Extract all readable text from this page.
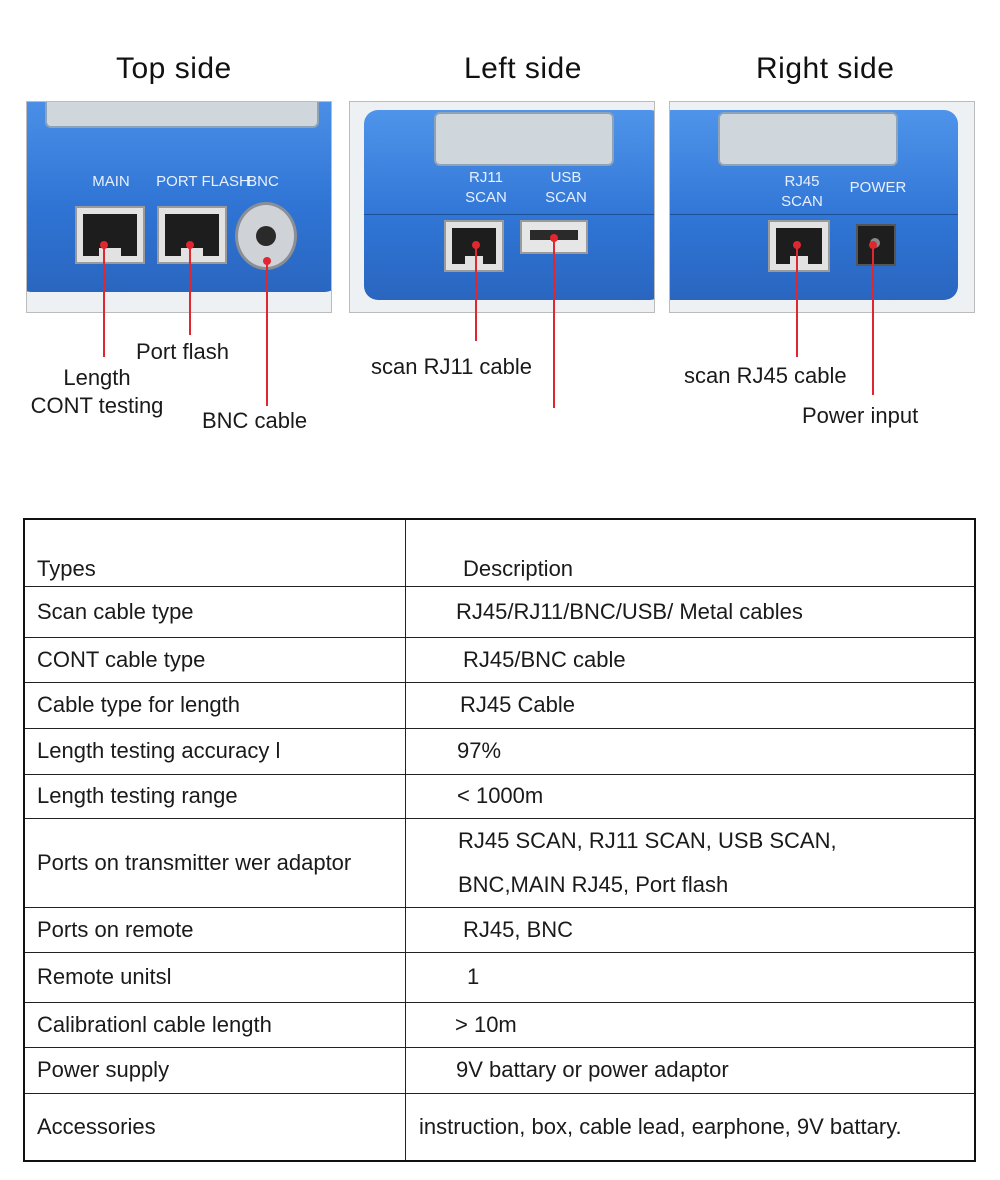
Top side	Left side	Right side
MAIN	PORT FLASH
BNC	RJ11
SCAN
USB
SCAN
RJ45
SCAN
POWER
Length
CONT testing
Port flash
BNC cable
scan RJ11 cable	scan RJ45 cable
Power input
Types	Description
Scan cable type	RJ45/RJ11/BNC/USB/ Metal cables
CONT cable type	RJ45/BNC cable
Cable type for length	RJ45 Cable
Length testing accuracy l	97%
Length testing range	< 1000m
Ports on transmitter wer adaptor	RJ45 SCAN, RJ11 SCAN, USB SCAN,
BNC,MAIN RJ45, Port flash

Ports on remote	RJ45, BNC
Remote unitsl	1
Calibrationl cable length	> 10m
Power supply	9V battary or power adaptor
Accessories	instruction, box, cable lead, earphone, 9V battary.
